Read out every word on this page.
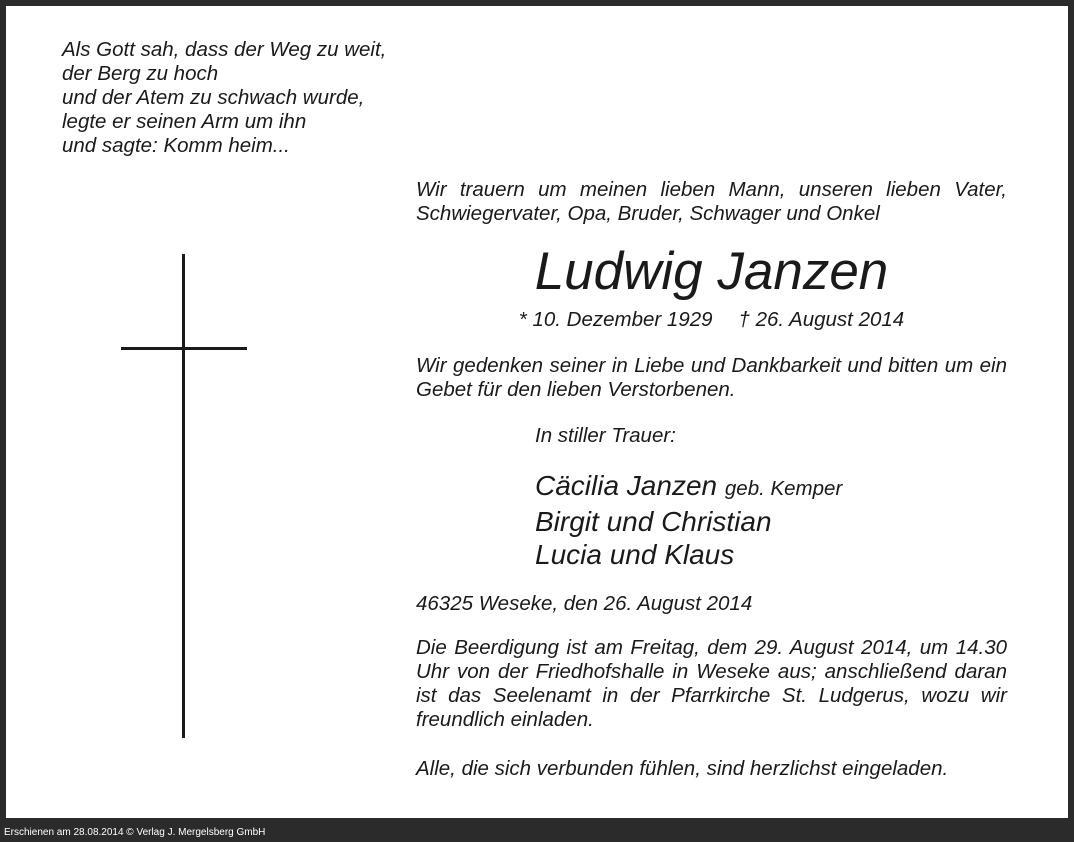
Als Gott sah, dass der Weg zu weit,
der Berg zu hoch
und der Atem zu schwach wurde,
legte er seinen Arm um ihn
und sagte: Komm heim...
Wir trauern um meinen lieben Mann, unseren lieben Vater, Schwiegervater, Opa, Bruder, Schwager und Onkel
Ludwig Janzen
* 10. Dezember 1929 † 26. August 2014
Wir gedenken seiner in Liebe und Dankbarkeit und bitten um ein Gebet für den lieben Verstorbenen.
In stiller Trauer:
Cäcilia Janzen geb. Kemper
Birgit und Christian
Lucia und Klaus
46325 Weseke, den 26. August 2014
Die Beerdigung ist am Freitag, dem 29. August 2014, um 14.30 Uhr von der Friedhofshalle in Weseke aus; anschließend daran ist das Seelenamt in der Pfarrkirche St. Ludgerus, wozu wir freundlich einladen.
Alle, die sich verbunden fühlen, sind herzlichst eingeladen.
Erschienen am 28.08.2014 © Verlag J. Mergelsberg GmbH
